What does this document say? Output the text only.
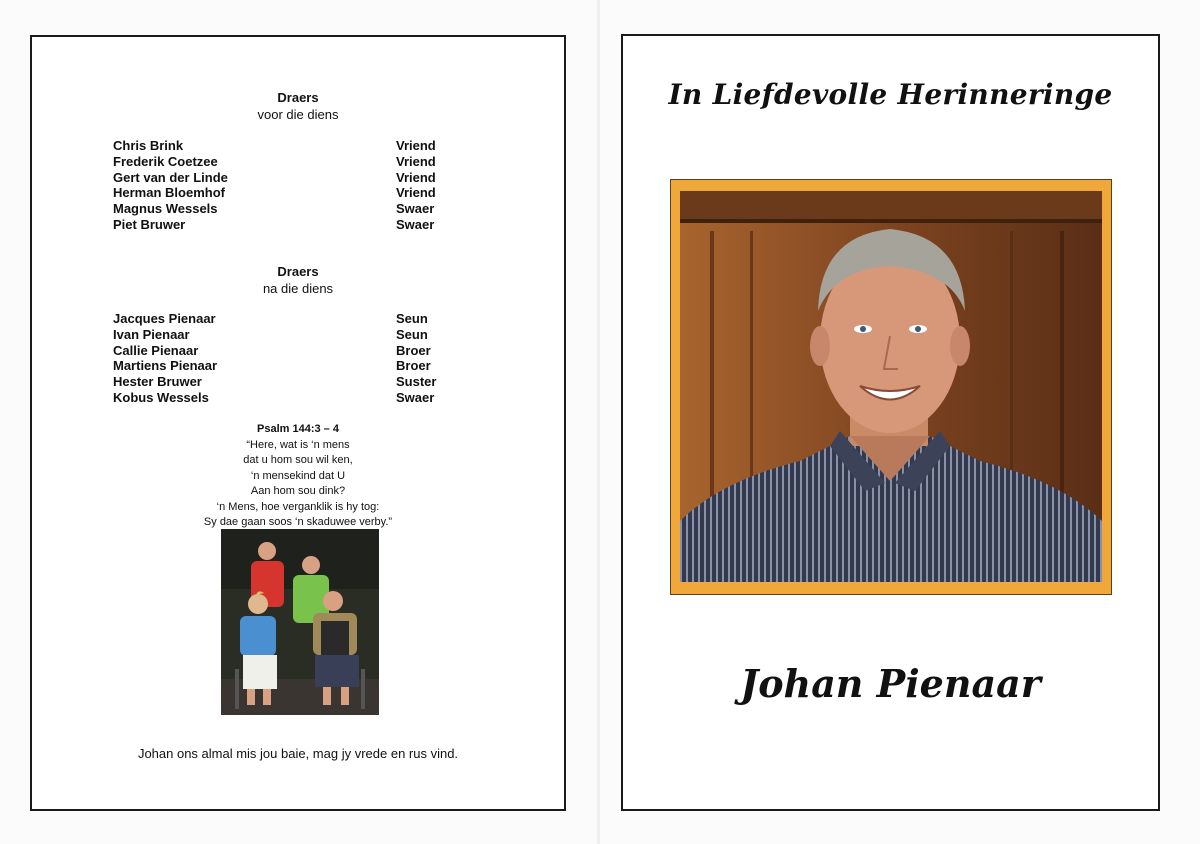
Draers
voor die diens
Chris Brink	Vriend
Frederik Coetzee	Vriend
Gert van der Linde	Vriend
Herman Bloemhof	Vriend
Magnus Wessels	Swaer
Piet Bruwer	Swaer
Draers
na die diens
Jacques Pienaar	Seun
Ivan Pienaar	Seun
Callie Pienaar	Broer
Martiens Pienaar	Broer
Hester Bruwer	Suster
Kobus Wessels	Swaer
Psalm 144:3 – 4
“Here, wat is ‘n mens
dat u hom sou wil ken,
‘n mensekind dat U
Aan hom sou dink?
‘n Mens, hoe verganklik is hy tog:
Sy dae gaan soos ‘n skaduwee verby.”
Johan ons almal mis jou baie, mag jy vrede en rus vind.
In Liefdevolle Herinneringe
Johan Pienaar
